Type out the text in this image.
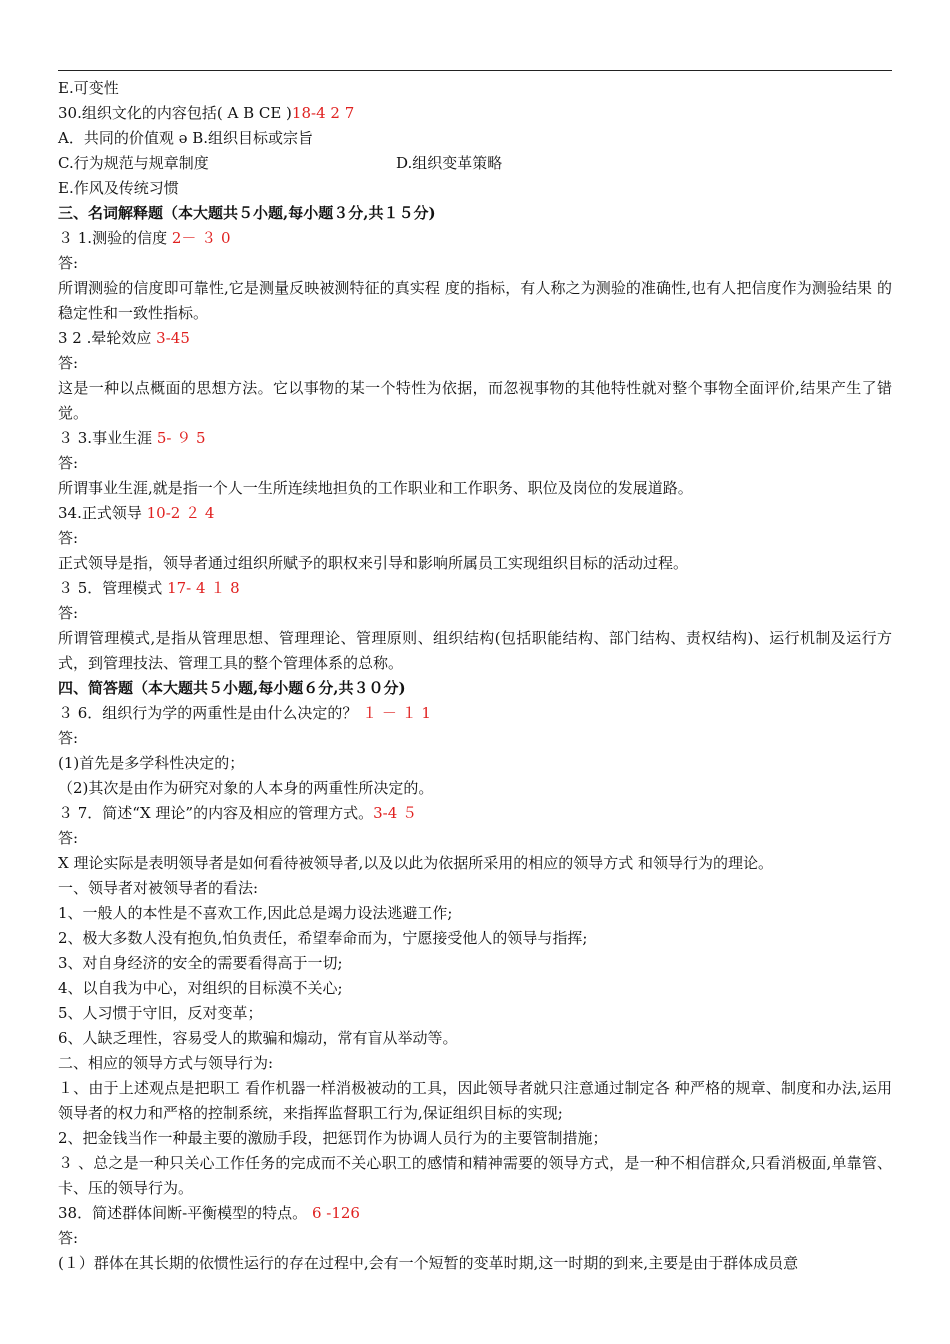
E.可变性
30.组织文化的内容包括( A B CE )18-4 2 7
A．共同的价值观 ə B.组织目标或宗旨
C.行为规范与规章制度	D.组织变革策略
E.作风及传统习惯
三、名词解释题（本大题共５小题,每小题３分,共１５分)
３ 1.测验的信度 2－ ３ 0
答:
所谓测验的信度即可靠性,它是测量反映被测特征的真实程 度的指标，有人称之为测验的准确性,也有人把信度作为测验结果 的稳定性和一致性指标。
3 2 .晕轮效应 3-45
答:
这是一种以点概面的思想方法。它以事物的某一个特性为依据，而忽视事物的其他特性就对整个事物全面评价,结果产生了错觉。
３ 3.事业生涯 5- ９ 5
答:
所谓事业生涯,就是指一个人一生所连续地担负的工作职业和工作职务、职位及岗位的发展道路。
34.正式领导 10-2 ２ 4
答:
正式领导是指，领导者通过组织所赋予的职权来引导和影响所属员工实现组织目标的活动过程。
３ 5．管理模式 17- 4 １ 8
答:
所谓管理模式,是指从管理思想、管理理论、管理原则、组织结构(包括职能结构、部门结构、责权结构)、运行机制及运行方式，到管理技法、管理工具的整个管理体系的总称。
四、简答题（本大题共５小题,每小题６分,共３０分)
３ 6．组织行为学的两重性是由什么决定的？ １ － １ 1
答:
(1)首先是多学科性决定的；
（2)其次是由作为研究对象的人本身的两重性所决定的。
３ 7．简述“X 理论”的内容及相应的管理方式。3-4 ５
答:
X 理论实际是表明领导者是如何看待被领导者,以及以此为依据所采用的相应的领导方式 和领导行为的理论。
一、领导者对被领导者的看法:
1、一般人的本性是不喜欢工作,因此总是竭力设法逃避工作;
2、极大多数人没有抱负,怕负责任，希望奉命而为，宁愿接受他人的领导与指挥;
3、对自身经济的安全的需要看得高于一切;
4、以自我为中心，对组织的目标漠不关心;
5、人习惯于守旧，反对变革；
6、人缺乏理性，容易受人的欺骗和煽动，常有盲从举动等。
二、相应的领导方式与领导行为:
１、由于上述观点是把职工 看作机器一样消极被动的工具，因此领导者就只注意通过制定各 种严格的规章、制度和办法,运用领导者的权力和严格的控制系统，来指挥监督职工行为,保证组织目标的实现;
2、把金钱当作一种最主要的激励手段，把惩罚作为协调人员行为的主要管制措施；
３ 、总之是一种只关心工作任务的完成而不关心职工的感情和精神需要的领导方式，是一种不相信群众,只看消极面,单靠管、卡、压的领导行为。
38．简述群体间断-平衡模型的特点。 6 -126
答:
(１）群体在其长期的依惯性运行的存在过程中,会有一个短暂的变革时期,这一时期的到来,主要是由于群体成员意
